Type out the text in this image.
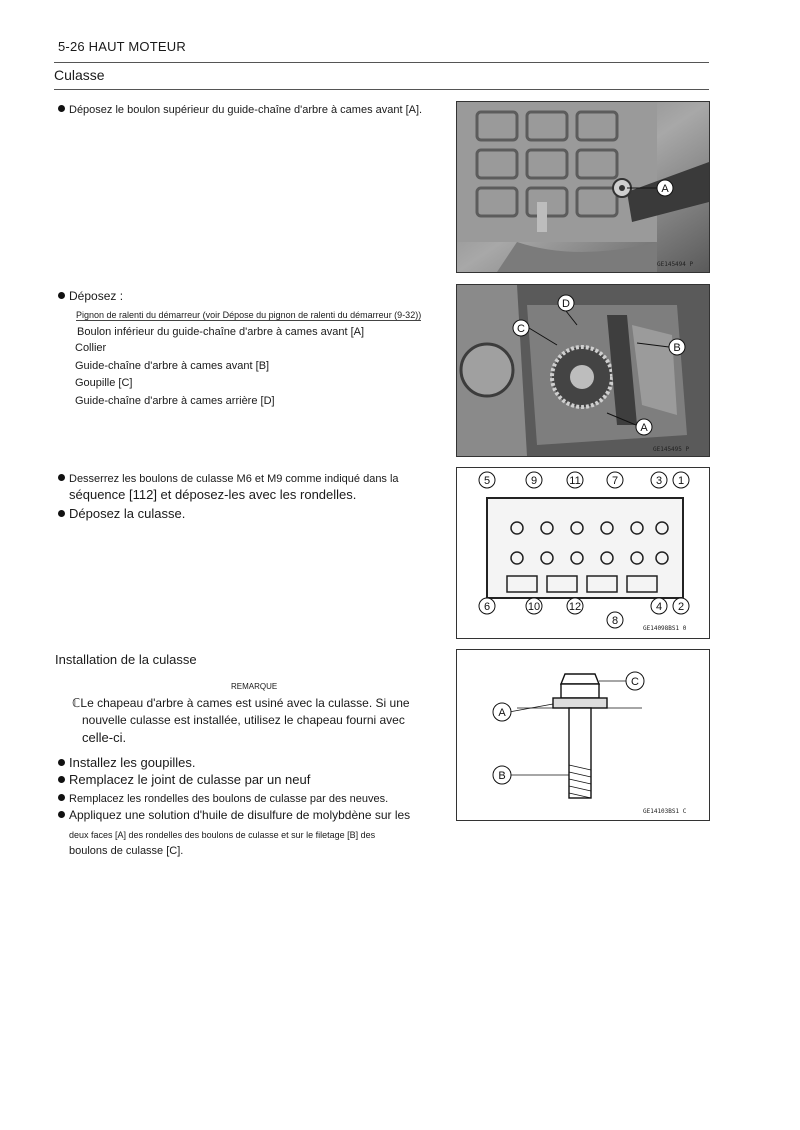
5-26 HAUT MOTEUR
Culasse
Déposez le boulon supérieur du guide-chaîne d'arbre à cames avant [A].
A
GE145494 P
Déposez :
Pignon de ralenti du démarreur (voir Dépose du pignon de ralenti du démarreur (9-32))
Boulon inférieur du guide-chaîne d'arbre à cames avant [A]
Collier
Guide-chaîne d'arbre à cames avant [B]
Goupille [C]
Guide-chaîne d'arbre à cames arrière [D]
D
C
B
A
GE145495 P
Desserrez les boulons de culasse M6 et M9 comme indiqué dans la
séquence [112] et déposez-les avec les rondelles.
Déposez la culasse.
5	9	11	7	3 1
6	10	12
8
4 2
GE14098BS1 0
Installation de la culasse
REMARQUE
ℂLe chapeau d'arbre à cames est usiné avec la culasse. Si une
nouvelle culasse est installée, utilisez le chapeau fourni avec
celle-ci.
Installez les goupilles.
Remplacez le joint de culasse par un neuf
Remplacez les rondelles des boulons de culasse par des neuves.
Appliquez une solution d'huile de disulfure de molybdène sur les
deux faces [A] des rondelles des boulons de culasse et sur le filetage [B] des
boulons de culasse [C].
C
A
B
GE14103BS1 C
